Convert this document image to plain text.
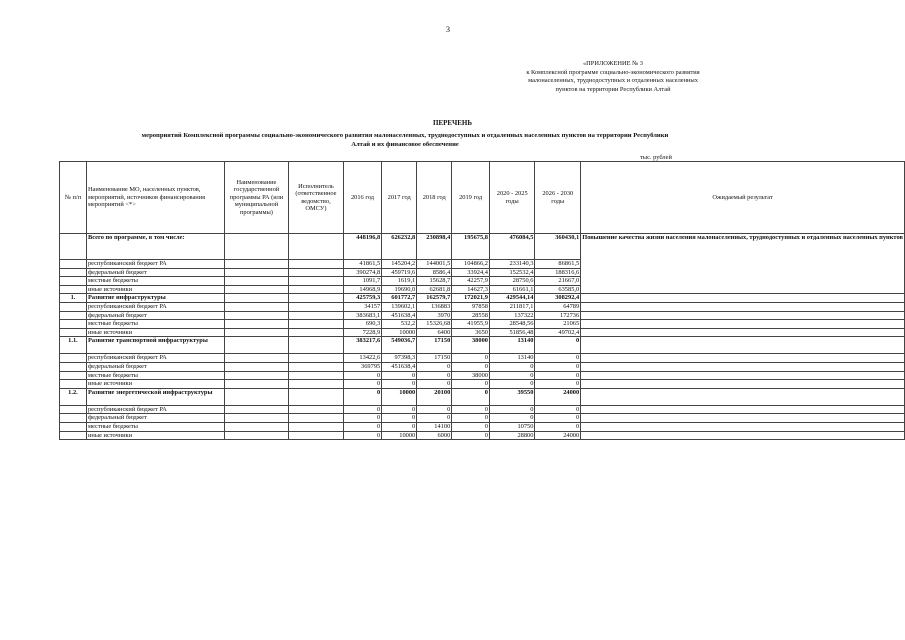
3
«ПРИЛОЖЕНИЕ № 3
к Комплексной программе социально-экономического развития
малонаселенных, труднодоступных и отдаленных населенных
пунктов на территории Республики Алтай
ПЕРЕЧЕНЬ
мероприятий Комплексной программы социально-экономического развития малонаселенных, труднодоступных и отдаленных населенных пунктов на территории Республики
Алтай и их финансовое обеспечение
тыс. рублей
№ п/п	Наименование МО, населенных пунктов, мероприятий, источников финансирования мероприятий <*>	Наименование государственной программы РА (или муниципальной программы)	Исполнитель (ответственное ведомство, ОМСУ)	2016 год	2017 год	2018 год	2019 год	2020 - 2025 годы	2026 - 2030 годы	Ожидаемый результат
	Всего по программе, в том числе:			448196,8	626232,8	230898,4	195675,8	476084,5	360430,1	Повышение качества жизни населения малонаселенных, труднодоступных и отдаленных населенных пунктов
	республиканский бюджет РА			41861,5	145204,2	144001,5	104866,2	233140,3	86861,5	
	федеральный бюджет			390274,8	459719,6	8586,4	33924,4	152532,4	188316,6	
	местные бюджеты			1091,7	1619,1	15628,7	42257,9	28750,6	21667,0	
	иные источники			14968,9	19690,0	62681,8	14627,3	61661,1	63585,0	
1.	Развитие инфраструктуры			425759,3	601772,7	162579,7	172021,9	429544,14	308292,4	
	республиканский бюджет РА			34157	139602,1	136883	97858	211817,1	64789	
	федеральный бюджет			383683,1	451638,4	3970	28558	137322	172736	
	местные бюджеты			690,3	532,2	15326,68	41955,9	28548,56	21065	
	иные источники			7228,9	10000	6400	3650	51856,48	49702,4	
1.1.	Развитие транспортной инфраструктуры			383217,6	549036,7	17150	38000	13140	0	
	республиканский бюджет РА			13422,6	97398,3	17150	0	13140	0	
	федеральный бюджет			369795	451638,4	0	0	0	0	
	местные бюджеты			0	0	0	38000	0	0	
	иные источники			0	0	0	0	0	0	
1.2.	Развитие энергетической инфраструктуры			0	10000	20100	0	39550	24000	
	республиканский бюджет РА			0	0	0	0	0	0	
	федеральный бюджет			0	0	0	0	0	0	
	местные бюджеты			0	0	14100	0	10750	0	
	иные источники			0	10000	6000	0	28800	24000	
